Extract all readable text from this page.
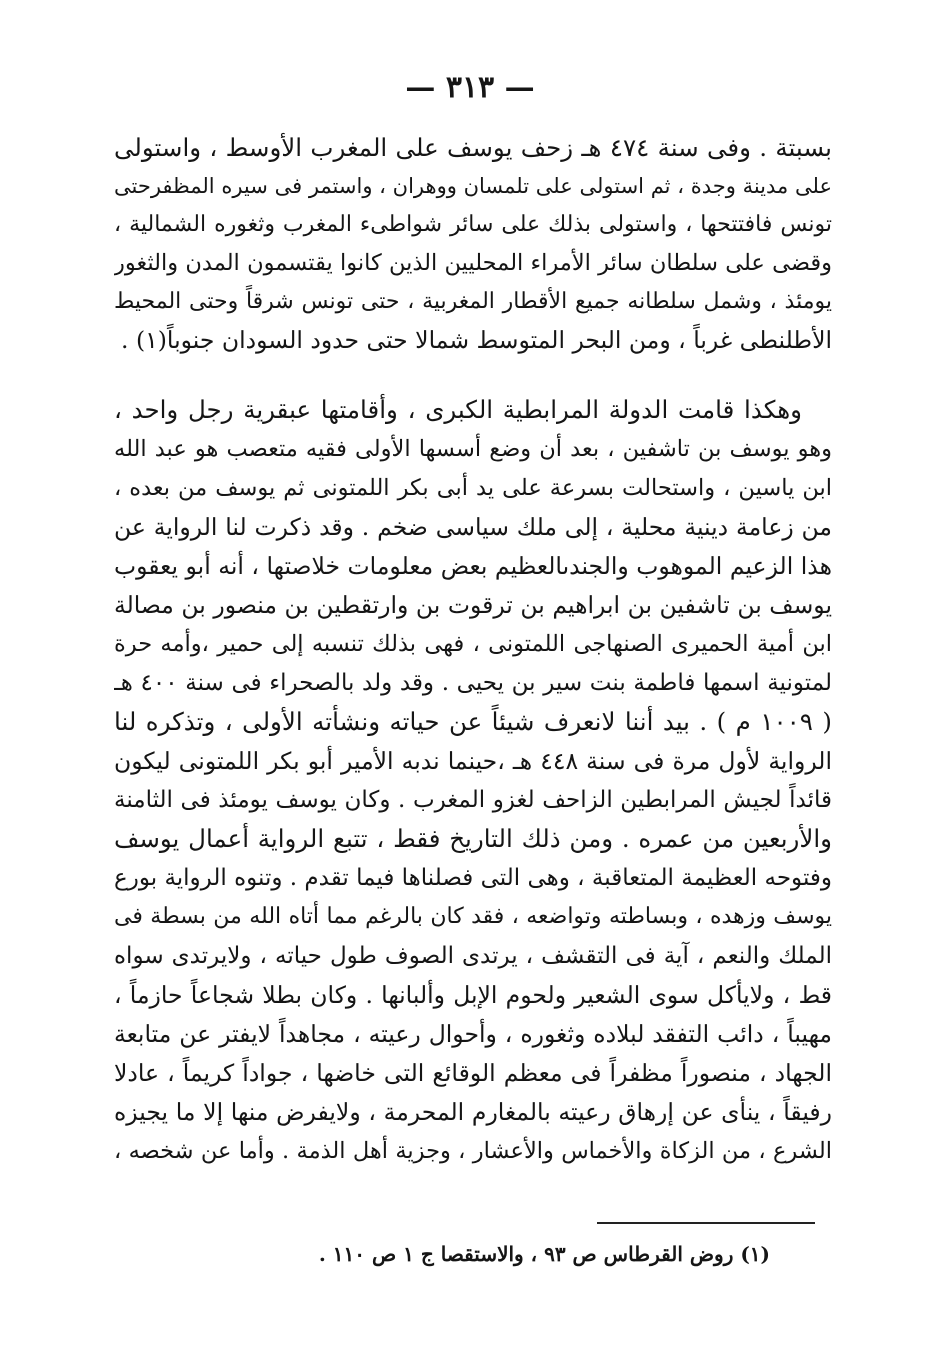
— ٣١٣ —
بسبتة . وفى سنة ٤٧٤ هـ زحف يوسف على المغرب الأوسط ، واستولى
على مدينة وجدة ، ثم استولى على تلمسان ووهران ، واستمر فى سيره المظفرحتى
تونس فافتتحها ، واستولى بذلك على سائر شواطىء المغرب وثغوره الشمالية ،
وقضى على سلطان سائر الأمراء المحليين الذين كانوا يقتسمون المدن والثغور
يومئذ ، وشمل سلطانه جميع الأقطار المغربية ، حتى تونس شرقاً وحتى المحيط
الأطلنطى غرباً ، ومن البحر المتوسط شمالا حتى حدود السودان جنوباً(١) .
وهكذا قامت الدولة المرابطية الكبرى ، وأقامتها عبقرية رجل واحد ،
وهو يوسف بن تاشفين ، بعد أن وضع أسسها الأولى فقيه متعصب هو عبد الله
ابن ياسين ، واستحالت بسرعة على يد أبى بكر اللمتونى ثم يوسف من بعده ،
من زعامة دينية محلية ، إلى ملك سياسى ضخم . وقد ذكرت لنا الرواية عن
هذا الزعيم الموهوب والجندىالعظيم بعض معلومات خلاصتها ، أنه أبو يعقوب
يوسف بن تاشفين بن ابراهيم بن ترقوت بن وارتقطين بن منصور بن مصالة
ابن أمية الحميرى الصنهاجى اللمتونى ، فهى بذلك تنسبه إلى حمير ،وأمه حرة
لمتونية اسمها فاطمة بنت سير بن يحيى . وقد ولد بالصحراء فى سنة ٤٠٠ هـ
( ١٠٠٩ م ) . بيد أننا لانعرف شيئاً عن حياته ونشأته الأولى ، وتذكره لنا
الرواية لأول مرة فى سنة ٤٤٨ هـ ،حينما ندبه الأمير أبو بكر اللمتونى ليكون
قائداً لجيش المرابطين الزاحف لغزو المغرب . وكان يوسف يومئذ فى الثامنة
والأربعين من عمره . ومن ذلك التاريخ فقط ، تتبع الرواية أعمال يوسف
وفتوحه العظيمة المتعاقبة ، وهى التى فصلناها فيما تقدم . وتنوه الرواية بورع
يوسف وزهده ، وبساطته وتواضعه ، فقد كان بالرغم مما أتاه الله من بسطة فى
الملك والنعم ، آية فى التقشف ، يرتدى الصوف طول حياته ، ولايرتدى سواه
قط ، ولايأكل سوى الشعير ولحوم الإبل وألبانها . وكان بطلا شجاعاً حازماً ،
مهيباً ، دائب التفقد لبلاده وثغوره ، وأحوال رعيته ، مجاهداً لايفتر عن متابعة
الجهاد ، منصوراً مظفراً فى معظم الوقائع التى خاضها ، جواداً كريماً ، عادلا
رفيقاً ، ينأى عن إرهاق رعيته بالمغارم المحرمة ، ولايفرض منها إلا ما يجيزه
الشرع ، من الزكاة والأخماس والأعشار ، وجزية أهل الذمة . وأما عن شخصه ،
(١) روض القرطاس ص ٩٣ ، والاستقصا ج ١ ص ١١٠ .
